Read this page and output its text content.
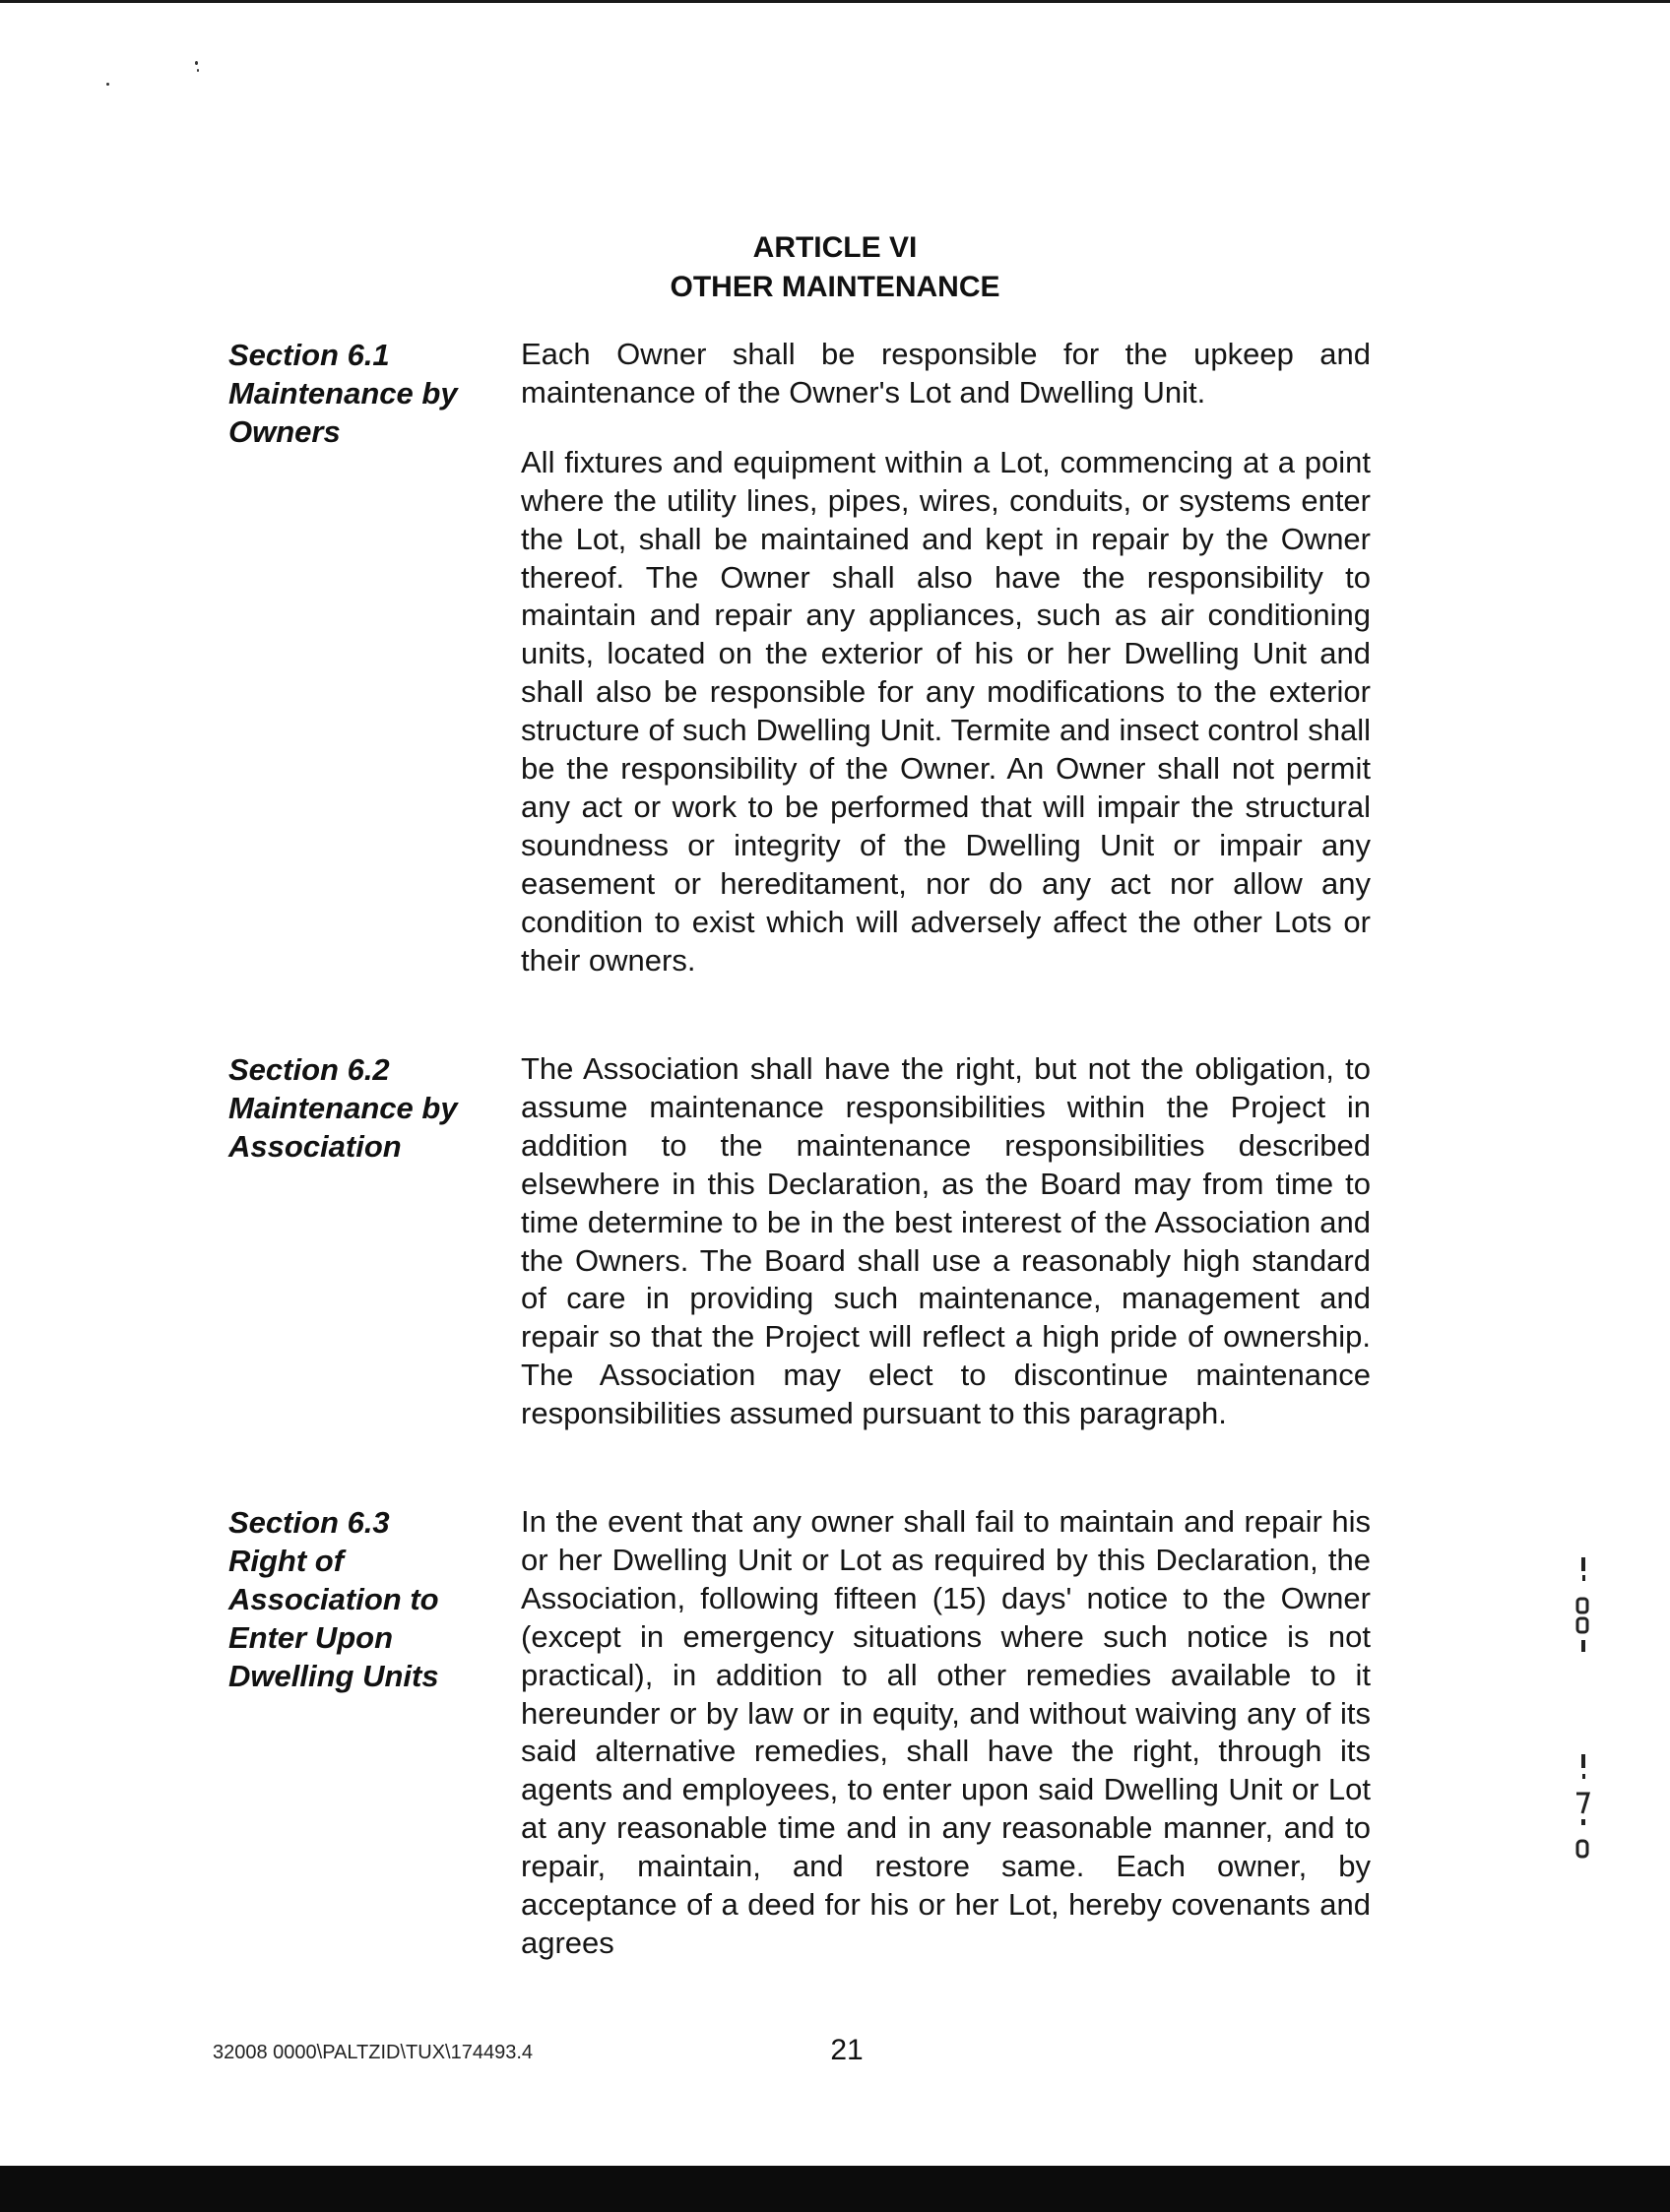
ARTICLE VI
OTHER MAINTENANCE
Section 6.1
Maintenance by
Owners

Each Owner shall be responsible for the upkeep and maintenance of the Owner's Lot and Dwelling Unit.

All fixtures and equipment within a Lot, commencing at a point where the utility lines, pipes, wires, conduits, or systems enter the Lot, shall be maintained and kept in repair by the Owner thereof. The Owner shall also have the responsibility to maintain and repair any appliances, such as air conditioning units, located on the exterior of his or her Dwelling Unit and shall also be responsible for any modifications to the exterior structure of such Dwelling Unit. Termite and insect control shall be the responsibility of the Owner. An Owner shall not permit any act or work to be performed that will impair the structural soundness or integrity of the Dwelling Unit or impair any easement or hereditament, nor do any act nor allow any condition to exist which will adversely affect the other Lots or their owners.

Section 6.2
Maintenance by
Association

The Association shall have the right, but not the obligation, to assume maintenance responsibilities within the Project in addition to the maintenance responsibilities described elsewhere in this Declaration, as the Board may from time to time determine to be in the best interest of the Association and the Owners. The Board shall use a reasonably high standard of care in providing such maintenance, management and repair so that the Project will reflect a high pride of ownership. The Association may elect to discontinue maintenance responsibilities assumed pursuant to this paragraph.

Section 6.3
Right of
Association to
Enter Upon
Dwelling Units

In the event that any owner shall fail to maintain and repair his or her Dwelling Unit or Lot as required by this Declaration, the Association, following fifteen (15) days' notice to the Owner (except in emergency situations where such notice is not practical), in addition to all other remedies available to it hereunder or by law or in equity, and without waiving any of its said alternative remedies, shall have the right, through its agents and employees, to enter upon said Dwelling Unit or Lot at any reasonable time and in any reasonable manner, and to repair, maintain, and restore same. Each owner, by acceptance of a deed for his or her Lot, hereby covenants and agrees

32008 0000\PALTZID\TUX\174493.4	21
